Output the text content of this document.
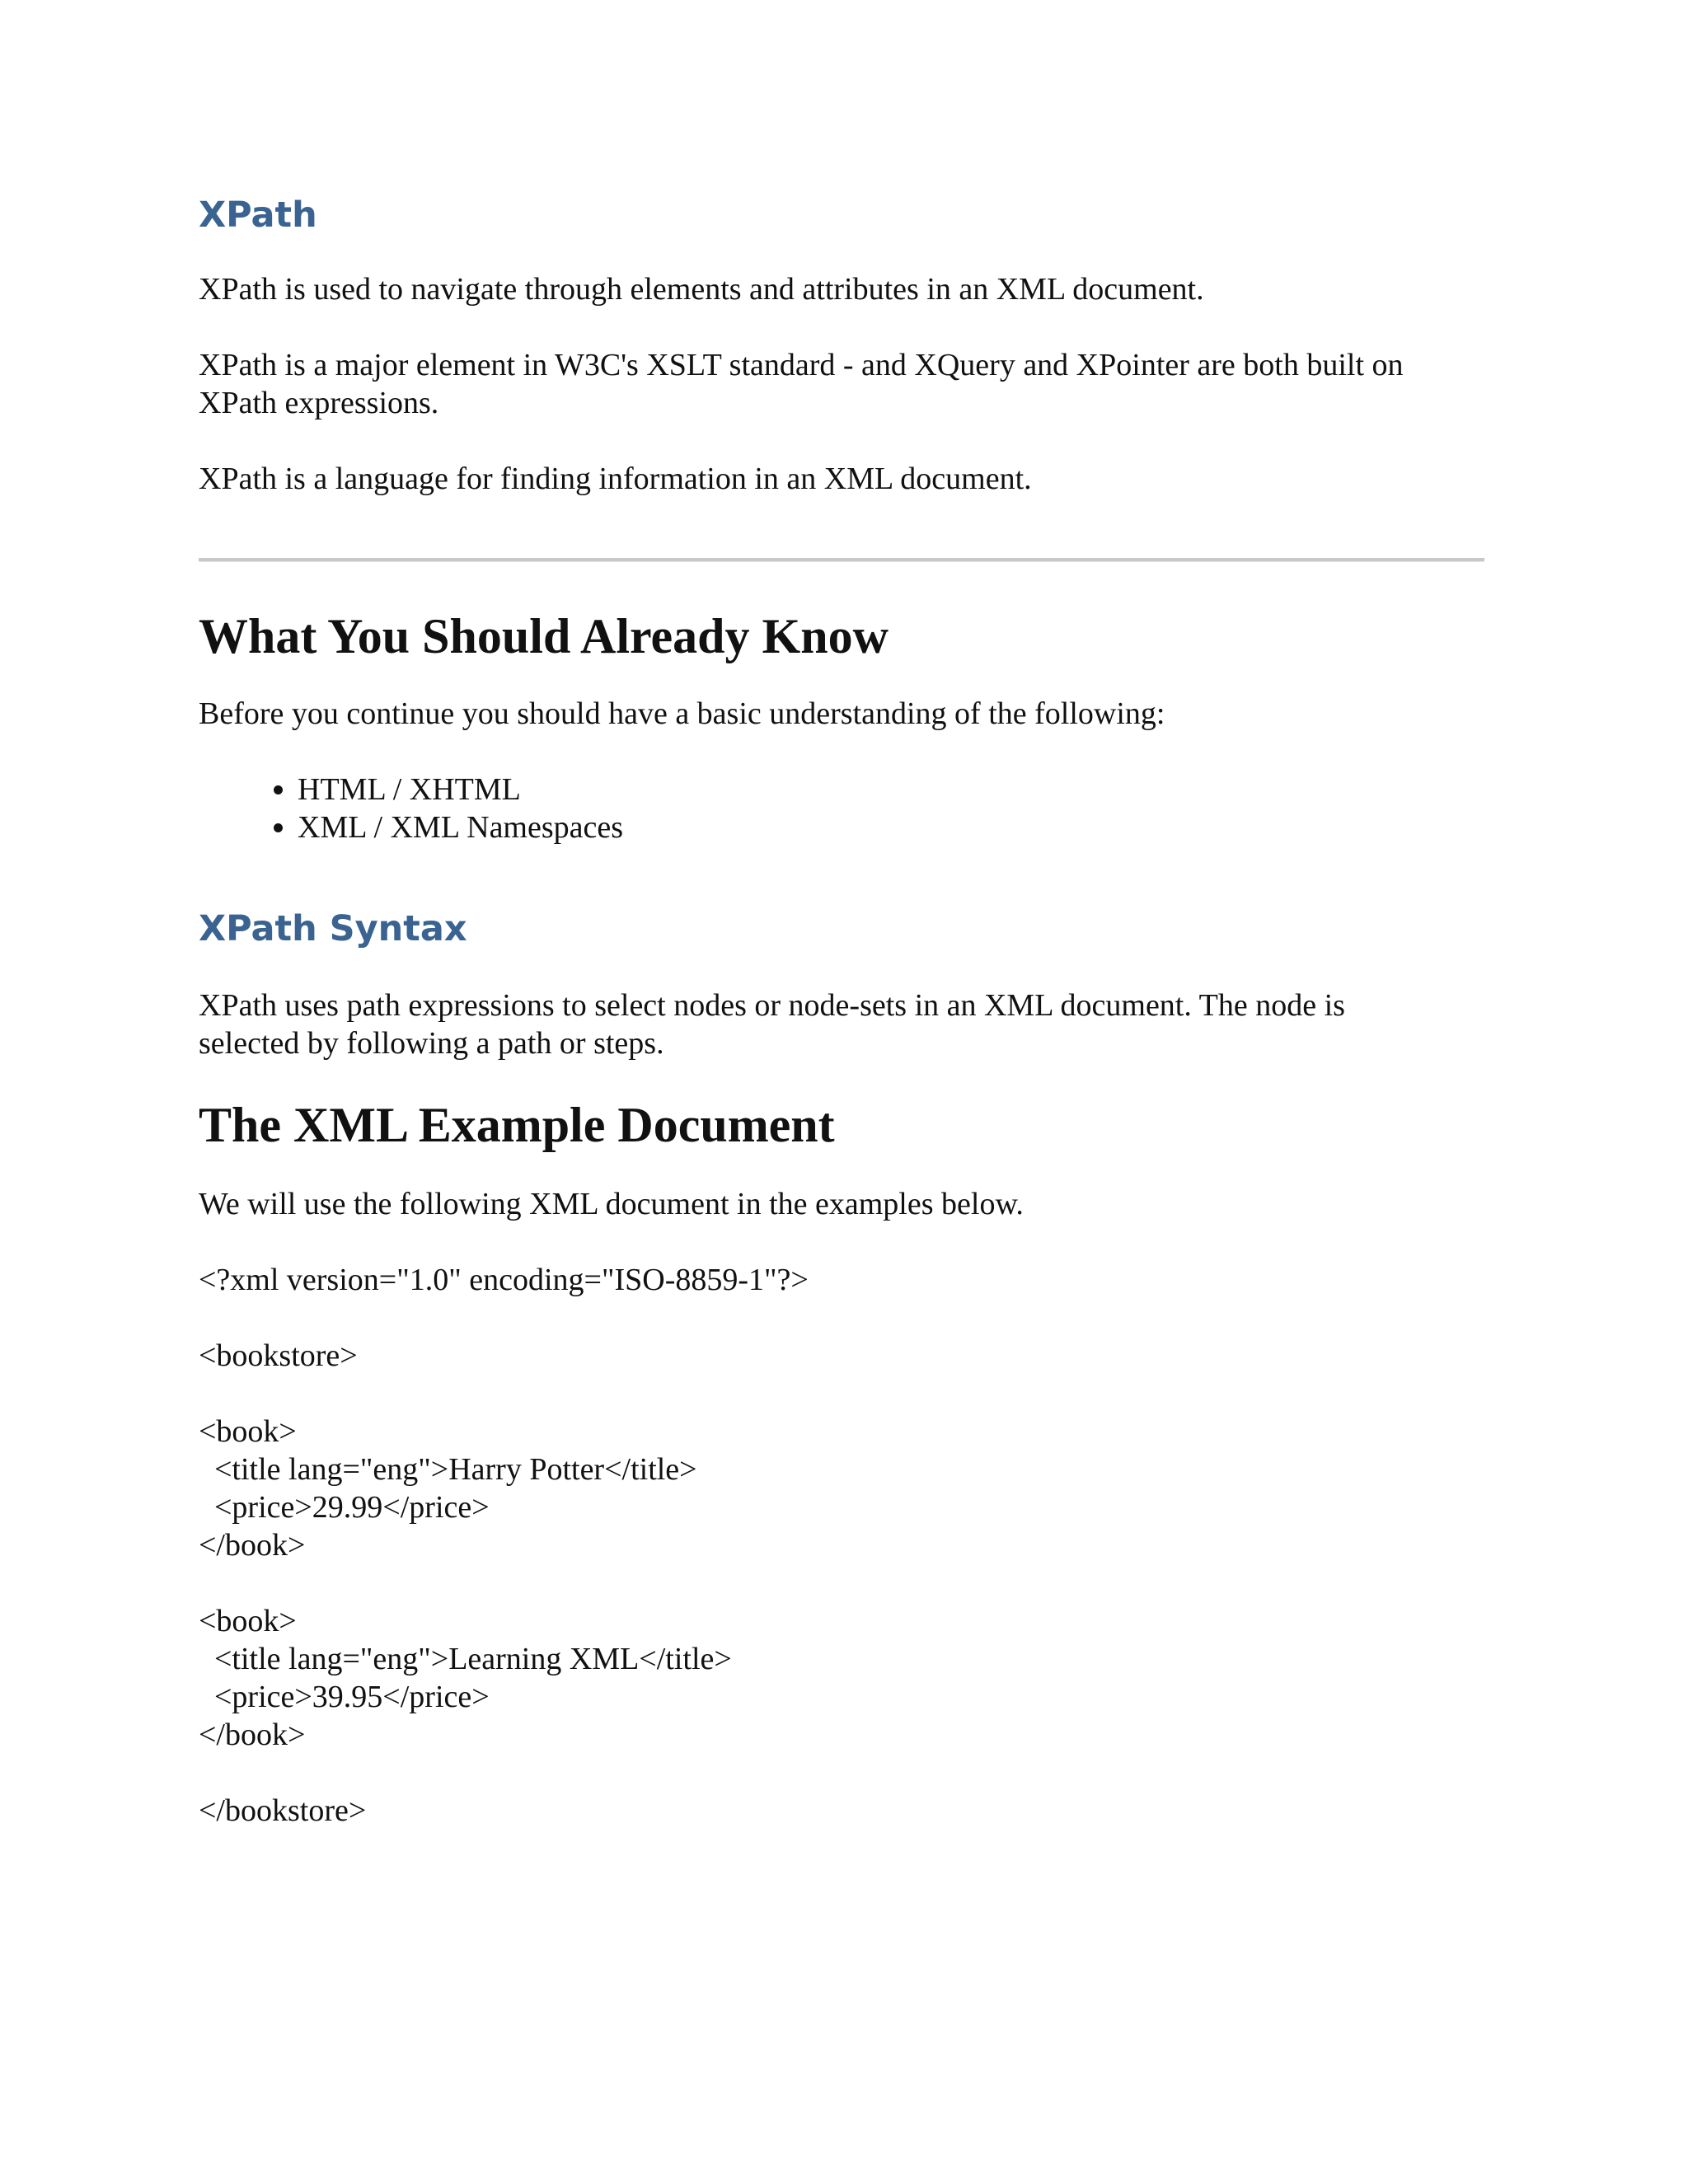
XPath

XPath is used to navigate through elements and attributes in an XML document.

XPath is a major element in W3C's XSLT standard - and XQuery and XPointer are both built on XPath expressions.

XPath is a language for finding information in an XML document.

What You Should Already Know

Before you continue you should have a basic understanding of the following:

• HTML / XHTML
• XML / XML Namespaces
XPath Syntax

XPath uses path expressions to select nodes or node-sets in an XML document. The node is selected by following a path or steps.

The XML Example Document

We will use the following XML document in the examples below.

<?xml version="1.0" encoding="ISO-8859-1"?>
<bookstore>
<book>
<title lang="eng">Harry Potter</title>
<price>29.99</price>
</book>
<book>
<title lang="eng">Learning XML</title>
<price>39.95</price>
</book>
</bookstore>
